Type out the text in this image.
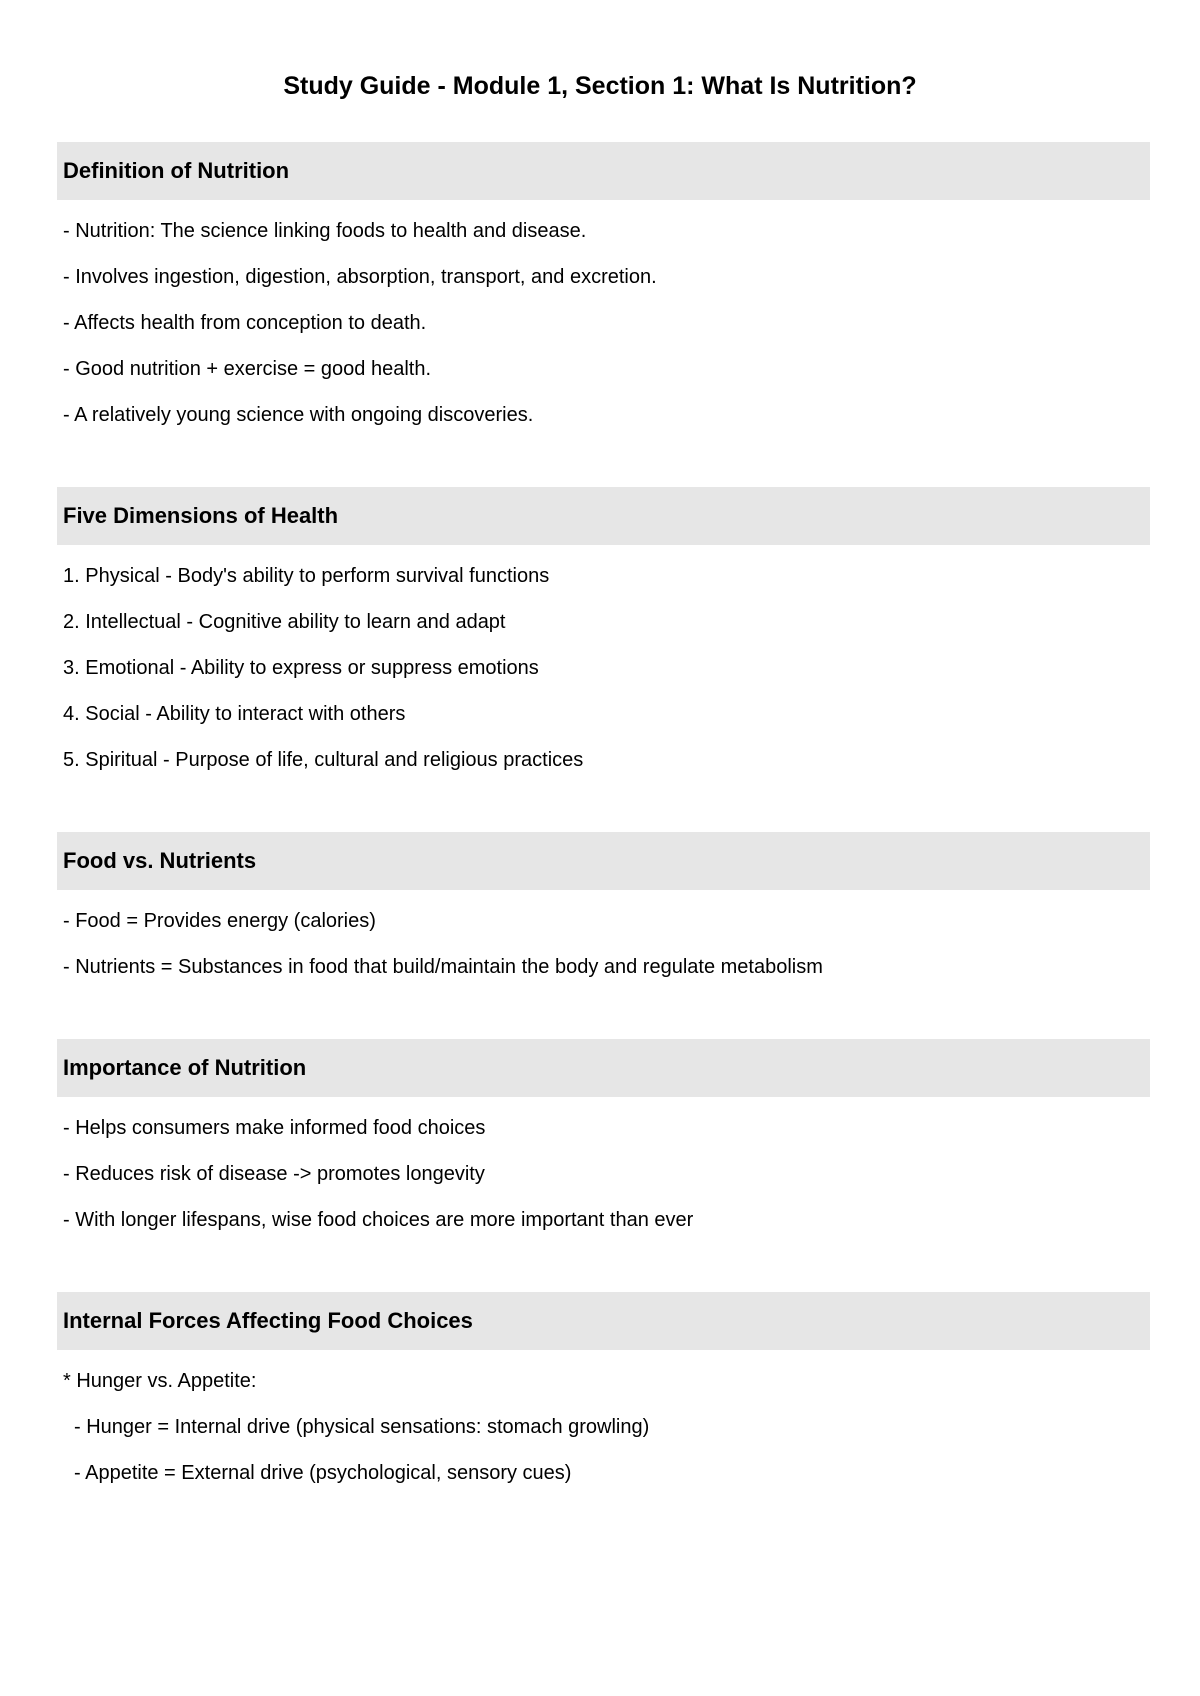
Study Guide - Module 1, Section 1: What Is Nutrition?
Definition of Nutrition
- Nutrition: The science linking foods to health and disease.
- Involves ingestion, digestion, absorption, transport, and excretion.
- Affects health from conception to death.
- Good nutrition + exercise = good health.
- A relatively young science with ongoing discoveries.
Five Dimensions of Health
1. Physical - Body's ability to perform survival functions
2. Intellectual - Cognitive ability to learn and adapt
3. Emotional - Ability to express or suppress emotions
4. Social - Ability to interact with others
5. Spiritual - Purpose of life, cultural and religious practices
Food vs. Nutrients
- Food = Provides energy (calories)
- Nutrients = Substances in food that build/maintain the body and regulate metabolism
Importance of Nutrition
- Helps consumers make informed food choices
- Reduces risk of disease -> promotes longevity
- With longer lifespans, wise food choices are more important than ever
Internal Forces Affecting Food Choices
* Hunger vs. Appetite:
- Hunger = Internal drive (physical sensations: stomach growling)
- Appetite = External drive (psychological, sensory cues)
